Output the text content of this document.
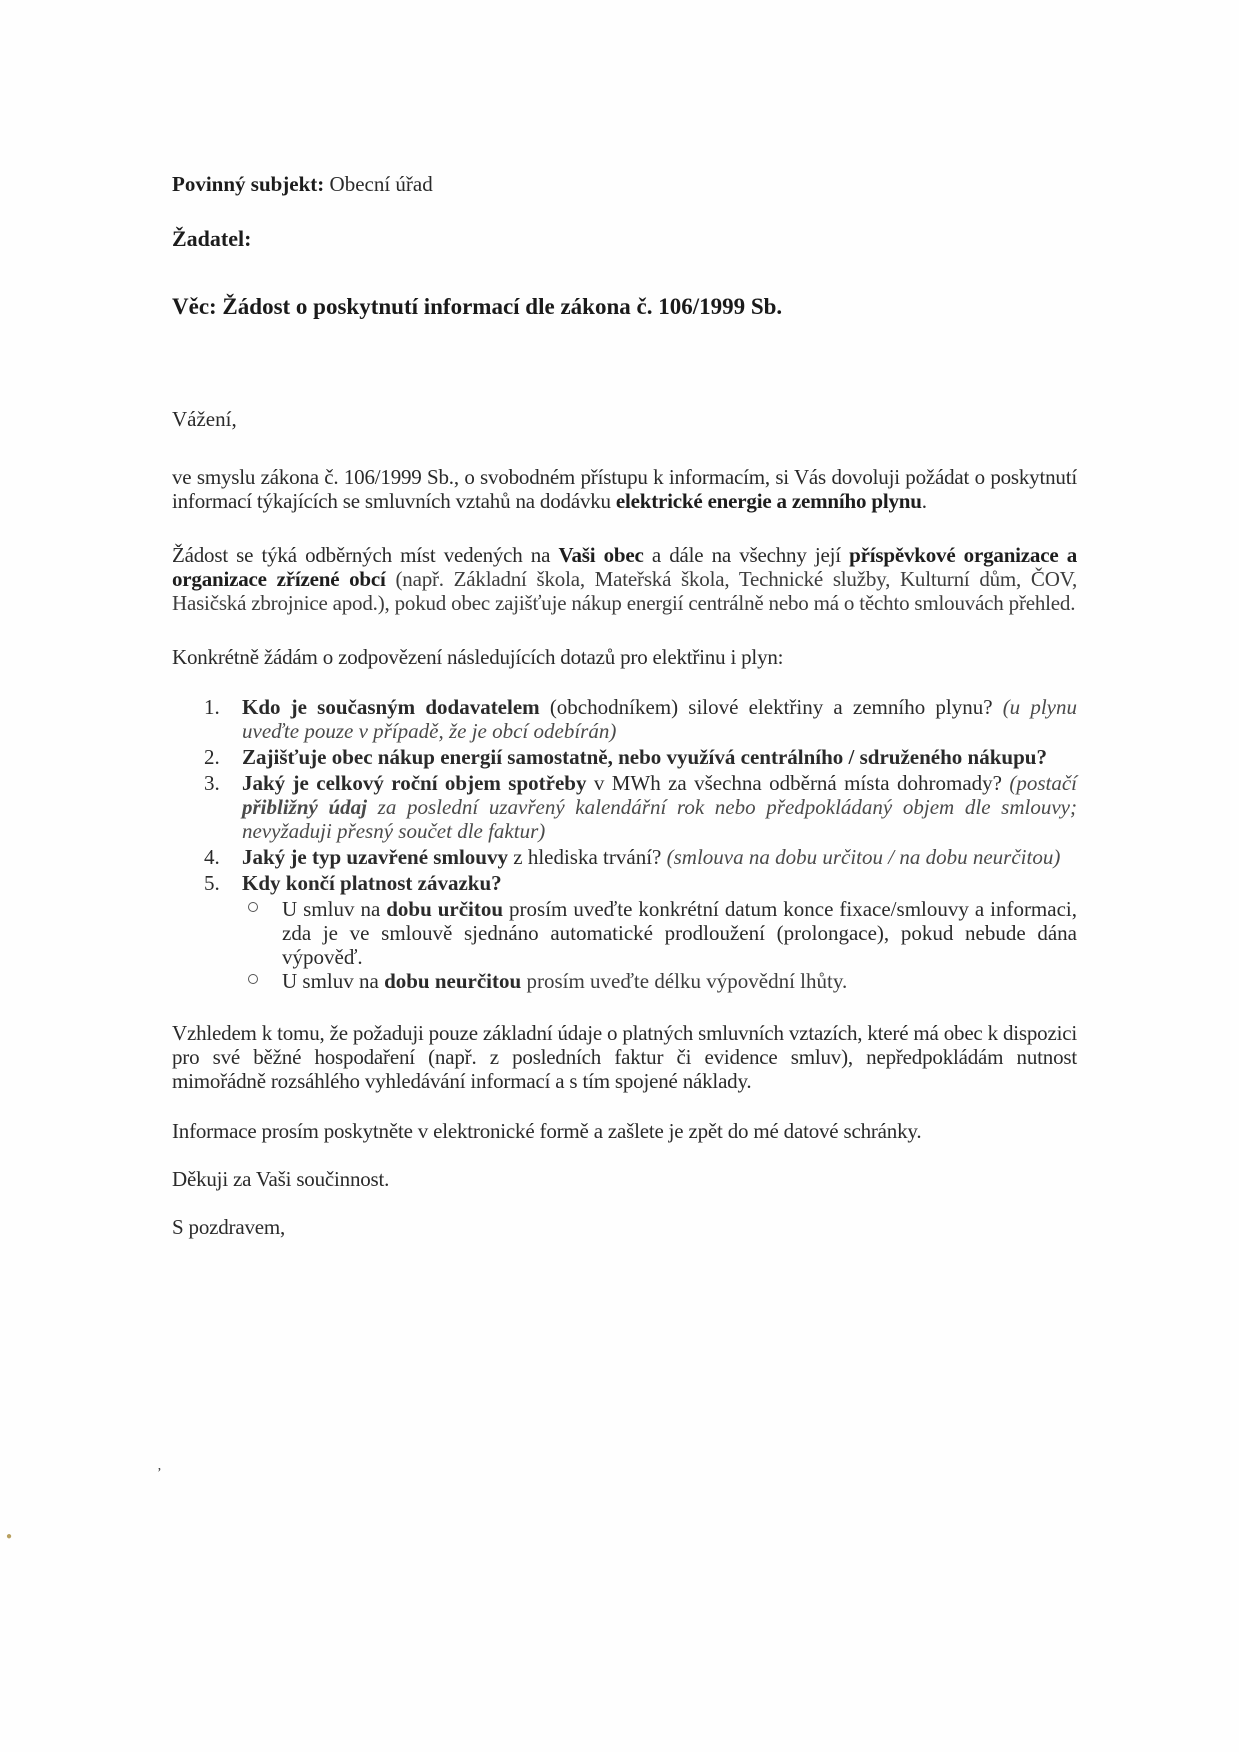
Povinný subjekt: Obecní úřad

Žadatel:

Věc: Žádost o poskytnutí informací dle zákona č. 106/1999 Sb.

Vážení,

ve smyslu zákona č. 106/1999 Sb., o svobodném přístupu k informacím, si Vás dovoluji požádat o poskytnutí informací týkajících se smluvních vztahů na dodávku elektrické energie a zemního plynu.

Žádost se týká odběrných míst vedených na Vaši obec a dále na všechny její příspěvkové organizace a organizace zřízené obcí (např. Základní škola, Mateřská škola, Technické služby, Kulturní dům, ČOV, Hasičská zbrojnice apod.), pokud obec zajišťuje nákup energií centrálně nebo má o těchto smlouvách přehled.

Konkrétně žádám o zodpovězení následujících dotazů pro elektřinu i plyn:

1. Kdo je současným dodavatelem (obchodníkem) silové elektřiny a zemního plynu? (u plynu uveďte pouze v případě, že je obcí odebírán)
2. Zajišťuje obec nákup energií samostatně, nebo využívá centrálního / sdruženého nákupu?
3. Jaký je celkový roční objem spotřeby v MWh za všechna odběrná místa dohromady? (postačí přibližný údaj za poslední uzavřený kalendářní rok nebo předpokládaný objem dle smlouvy; nevyžaduji přesný součet dle faktur)
4. Jaký je typ uzavřené smlouvy z hlediska trvání? (smlouva na dobu určitou / na dobu neurčitou)
5. Kdy končí platnost závazku?
U smluv na dobu určitou prosím uveďte konkrétní datum konce fixace/smlouvy a informaci, zda je ve smlouvě sjednáno automatické prodloužení (prolongace), pokud nebude dána výpověď.
U smluv na dobu neurčitou prosím uveďte délku výpovědní lhůty.

Vzhledem k tomu, že požaduji pouze základní údaje o platných smluvních vztazích, které má obec k dispozici pro své běžné hospodaření (např. z posledních faktur či evidence smluv), nepředpokládám nutnost mimořádně rozsáhlého vyhledávání informací a s tím spojené náklady.

Informace prosím poskytněte v elektronické formě a zašlete je zpět do mé datové schránky.

Děkuji za Vaši součinnost.

S pozdravem,

’
●
